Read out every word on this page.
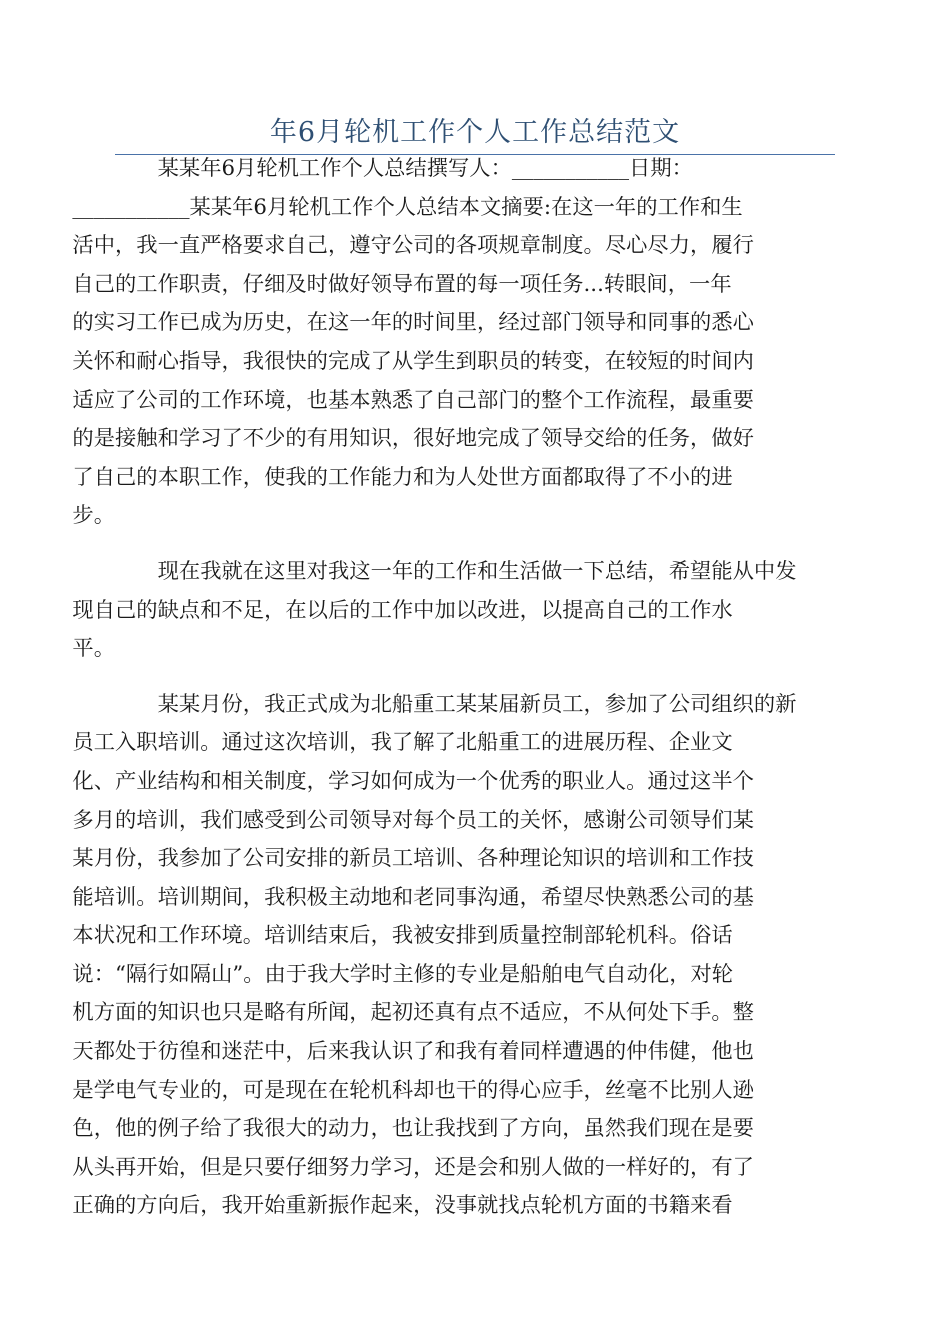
年6月轮机工作个人工作总结范文

某某年6月轮机工作个人总结撰写人：___________日期：
___________某某年6月轮机工作个人总结本文摘要:在这一年的工作和生
活中，我一直严格要求自己，遵守公司的各项规章制度。尽心尽力，履行
自己的工作职责，仔细及时做好领导布置的每一项任务...转眼间，一年
的实习工作已成为历史，在这一年的时间里，经过部门领导和同事的悉心
关怀和耐心指导，我很快的完成了从学生到职员的转变，在较短的时间内
适应了公司的工作环境，也基本熟悉了自己部门的整个工作流程，最重要
的是接触和学习了不少的有用知识，很好地完成了领导交给的任务，做好
了自己的本职工作，使我的工作能力和为人处世方面都取得了不小的进
步。

现在我就在这里对我这一年的工作和生活做一下总结，希望能从中发
现自己的缺点和不足，在以后的工作中加以改进，以提高自己的工作水
平。

某某月份，我正式成为北船重工某某届新员工，参加了公司组织的新
员工入职培训。通过这次培训，我了解了北船重工的进展历程、企业文
化、产业结构和相关制度，学习如何成为一个优秀的职业人。通过这半个
多月的培训，我们感受到公司领导对每个员工的关怀，感谢公司领导们某
某月份，我参加了公司安排的新员工培训、各种理论知识的培训和工作技
能培训。培训期间，我积极主动地和老同事沟通，希望尽快熟悉公司的基
本状况和工作环境。培训结束后，我被安排到质量控制部轮机科。俗话
说：“隔行如隔山”。由于我大学时主修的专业是船舶电气自动化，对轮
机方面的知识也只是略有所闻，起初还真有点不适应，不从何处下手。整
天都处于彷徨和迷茫中，后来我认识了和我有着同样遭遇的仲伟健，他也
是学电气专业的，可是现在在轮机科却也干的得心应手，丝毫不比别人逊
色，他的例子给了我很大的动力，也让我找到了方向，虽然我们现在是要
从头再开始，但是只要仔细努力学习，还是会和别人做的一样好的，有了
正确的方向后，我开始重新振作起来，没事就找点轮机方面的书籍来看
